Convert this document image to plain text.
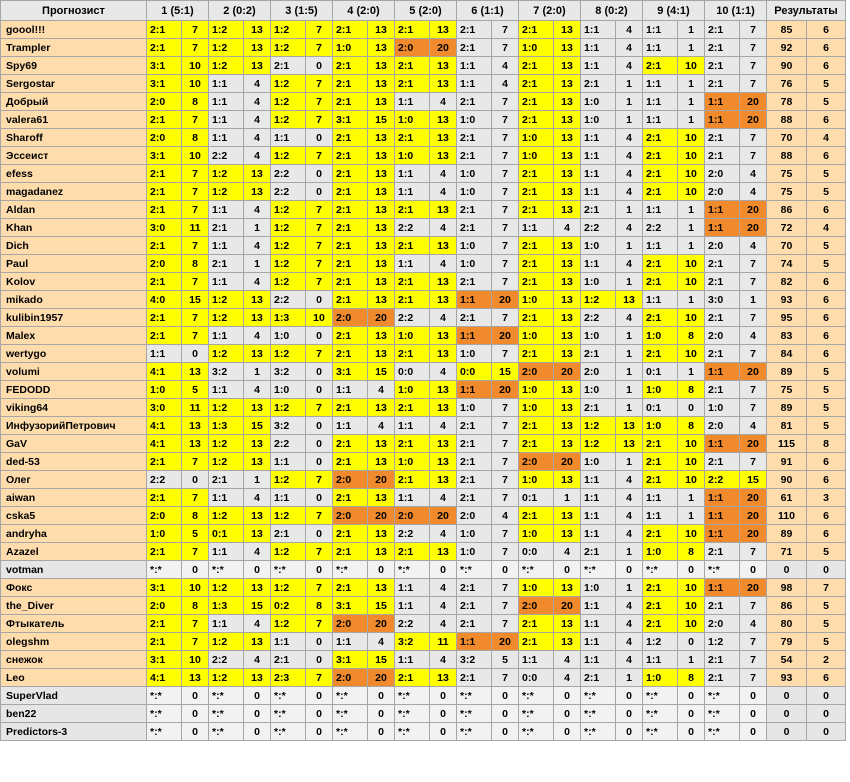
Прогнозист	1 (5:1)		2 (0:2)		3 (1:5)		4 (2:0)		5 (2:0)		6 (1:1)		7 (2:0)		8 (0:2)		9 (4:1)		10 (1:1)		Результаты	
goool!!!	2:1	7	1:2	13	1:2	7	2:1	13	2:1	13	2:1	7	2:1	13	1:1	4	1:1	1	2:1	7	85	6
Trampler	2:1	7	1:2	13	1:2	7	1:0	13	2:0	20	2:1	7	1:0	13	1:1	4	1:1	1	2:1	7	92	6
Spy69	3:1	10	1:2	13	2:1	0	2:1	13	2:1	13	1:1	4	2:1	13	1:1	4	2:1	10	2:1	7	90	6
Sergostar	3:1	10	1:1	4	1:2	7	2:1	13	2:1	13	1:1	4	2:1	13	2:1	1	1:1	1	2:1	7	76	5
Добрый	2:0	8	1:1	4	1:2	7	2:1	13	1:1	4	2:1	7	2:1	13	1:0	1	1:1	1	1:1	20	78	5
valera61	2:1	7	1:1	4	1:2	7	3:1	15	1:0	13	1:0	7	2:1	13	1:0	1	1:1	1	1:1	20	88	6
Sharoff	2:0	8	1:1	4	1:1	0	2:1	13	2:1	13	2:1	7	1:0	13	1:1	4	2:1	10	2:1	7	70	4
Эссеист	3:1	10	2:2	4	1:2	7	2:1	13	1:0	13	2:1	7	1:0	13	1:1	4	2:1	10	2:1	7	88	6
efess	2:1	7	1:2	13	2:2	0	2:1	13	1:1	4	1:0	7	2:1	13	1:1	4	2:1	10	2:0	4	75	5
magadanez	2:1	7	1:2	13	2:2	0	2:1	13	1:1	4	1:0	7	2:1	13	1:1	4	2:1	10	2:0	4	75	5
Aldan	2:1	7	1:1	4	1:2	7	2:1	13	2:1	13	2:1	7	2:1	13	2:1	1	1:1	1	1:1	20	86	6
Khan	3:0	11	2:1	1	1:2	7	2:1	13	2:2	4	2:1	7	1:1	4	2:2	4	2:2	1	1:1	20	72	4
Dich	2:1	7	1:1	4	1:2	7	2:1	13	2:1	13	1:0	7	2:1	13	1:0	1	1:1	1	2:0	4	70	5
Paul	2:0	8	2:1	1	1:2	7	2:1	13	1:1	4	1:0	7	2:1	13	1:1	4	2:1	10	2:1	7	74	5
Kolov	2:1	7	1:1	4	1:2	7	2:1	13	2:1	13	2:1	7	2:1	13	1:0	1	2:1	10	2:1	7	82	6
mikado	4:0	15	1:2	13	2:2	0	2:1	13	2:1	13	1:1	20	1:0	13	1:2	13	1:1	1	3:0	1	93	6
kulibin1957	2:1	7	1:2	13	1:3	10	2:0	20	2:2	4	2:1	7	2:1	13	2:2	4	2:1	10	2:1	7	95	6
Malex	2:1	7	1:1	4	1:0	0	2:1	13	1:0	13	1:1	20	1:0	13	1:0	1	1:0	8	2:0	4	83	6
wertygo	1:1	0	1:2	13	1:2	7	2:1	13	2:1	13	1:0	7	2:1	13	2:1	1	2:1	10	2:1	7	84	6
volumi	4:1	13	3:2	1	3:2	0	3:1	15	0:0	4	0:0	15	2:0	20	2:0	1	0:1	1	1:1	20	89	5
FEDODD	1:0	5	1:1	4	1:0	0	1:1	4	1:0	13	1:1	20	1:0	13	1:0	1	1:0	8	2:1	7	75	5
viking64	3:0	11	1:2	13	1:2	7	2:1	13	2:1	13	1:0	7	1:0	13	2:1	1	0:1	0	1:0	7	89	5
ИнфузорийПетрович	4:1	13	1:3	15	3:2	0	1:1	4	1:1	4	2:1	7	2:1	13	1:2	13	1:0	8	2:0	4	81	5
GaV	4:1	13	1:2	13	2:2	0	2:1	13	2:1	13	2:1	7	2:1	13	1:2	13	2:1	10	1:1	20	115	8
ded-53	2:1	7	1:2	13	1:1	0	2:1	13	1:0	13	2:1	7	2:0	20	1:0	1	2:1	10	2:1	7	91	6
Олег	2:2	0	2:1	1	1:2	7	2:0	20	2:1	13	2:1	7	1:0	13	1:1	4	2:1	10	2:2	15	90	6
aiwan	2:1	7	1:1	4	1:1	0	2:1	13	1:1	4	2:1	7	0:1	1	1:1	4	1:1	1	1:1	20	61	3
cska5	2:0	8	1:2	13	1:2	7	2:0	20	2:0	20	2:0	4	2:1	13	1:1	4	1:1	1	1:1	20	110	6
andryha	1:0	5	0:1	13	2:1	0	2:1	13	2:2	4	1:0	7	1:0	13	1:1	4	2:1	10	1:1	20	89	6
Azazel	2:1	7	1:1	4	1:2	7	2:1	13	2:1	13	1:0	7	0:0	4	2:1	1	1:0	8	2:1	7	71	5
votman	*:*	0	*:*	0	*:*	0	*:*	0	*:*	0	*:*	0	*:*	0	*:*	0	*:*	0	*:*	0	0	0
Фокс	3:1	10	1:2	13	1:2	7	2:1	13	1:1	4	2:1	7	1:0	13	1:0	1	2:1	10	1:1	20	98	7
the_Diver	2:0	8	1:3	15	0:2	8	3:1	15	1:1	4	2:1	7	2:0	20	1:1	4	2:1	10	2:1	7	86	5
Фтыкатель	2:1	7	1:1	4	1:2	7	2:0	20	2:2	4	2:1	7	2:1	13	1:1	4	2:1	10	2:0	4	80	5
olegshm	2:1	7	1:2	13	1:1	0	1:1	4	3:2	11	1:1	20	2:1	13	1:1	4	1:2	0	1:2	7	79	5
снежок	3:1	10	2:2	4	2:1	0	3:1	15	1:1	4	3:2	5	1:1	4	1:1	4	1:1	1	2:1	7	54	2
Leo	4:1	13	1:2	13	2:3	7	2:0	20	2:1	13	2:1	7	0:0	4	2:1	1	1:0	8	2:1	7	93	6
SuperVlad	*:*	0	*:*	0	*:*	0	*:*	0	*:*	0	*:*	0	*:*	0	*:*	0	*:*	0	*:*	0	0	0
ben22	*:*	0	*:*	0	*:*	0	*:*	0	*:*	0	*:*	0	*:*	0	*:*	0	*:*	0	*:*	0	0	0
Predictors-3	*:*	0	*:*	0	*:*	0	*:*	0	*:*	0	*:*	0	*:*	0	*:*	0	*:*	0	*:*	0	0	0
